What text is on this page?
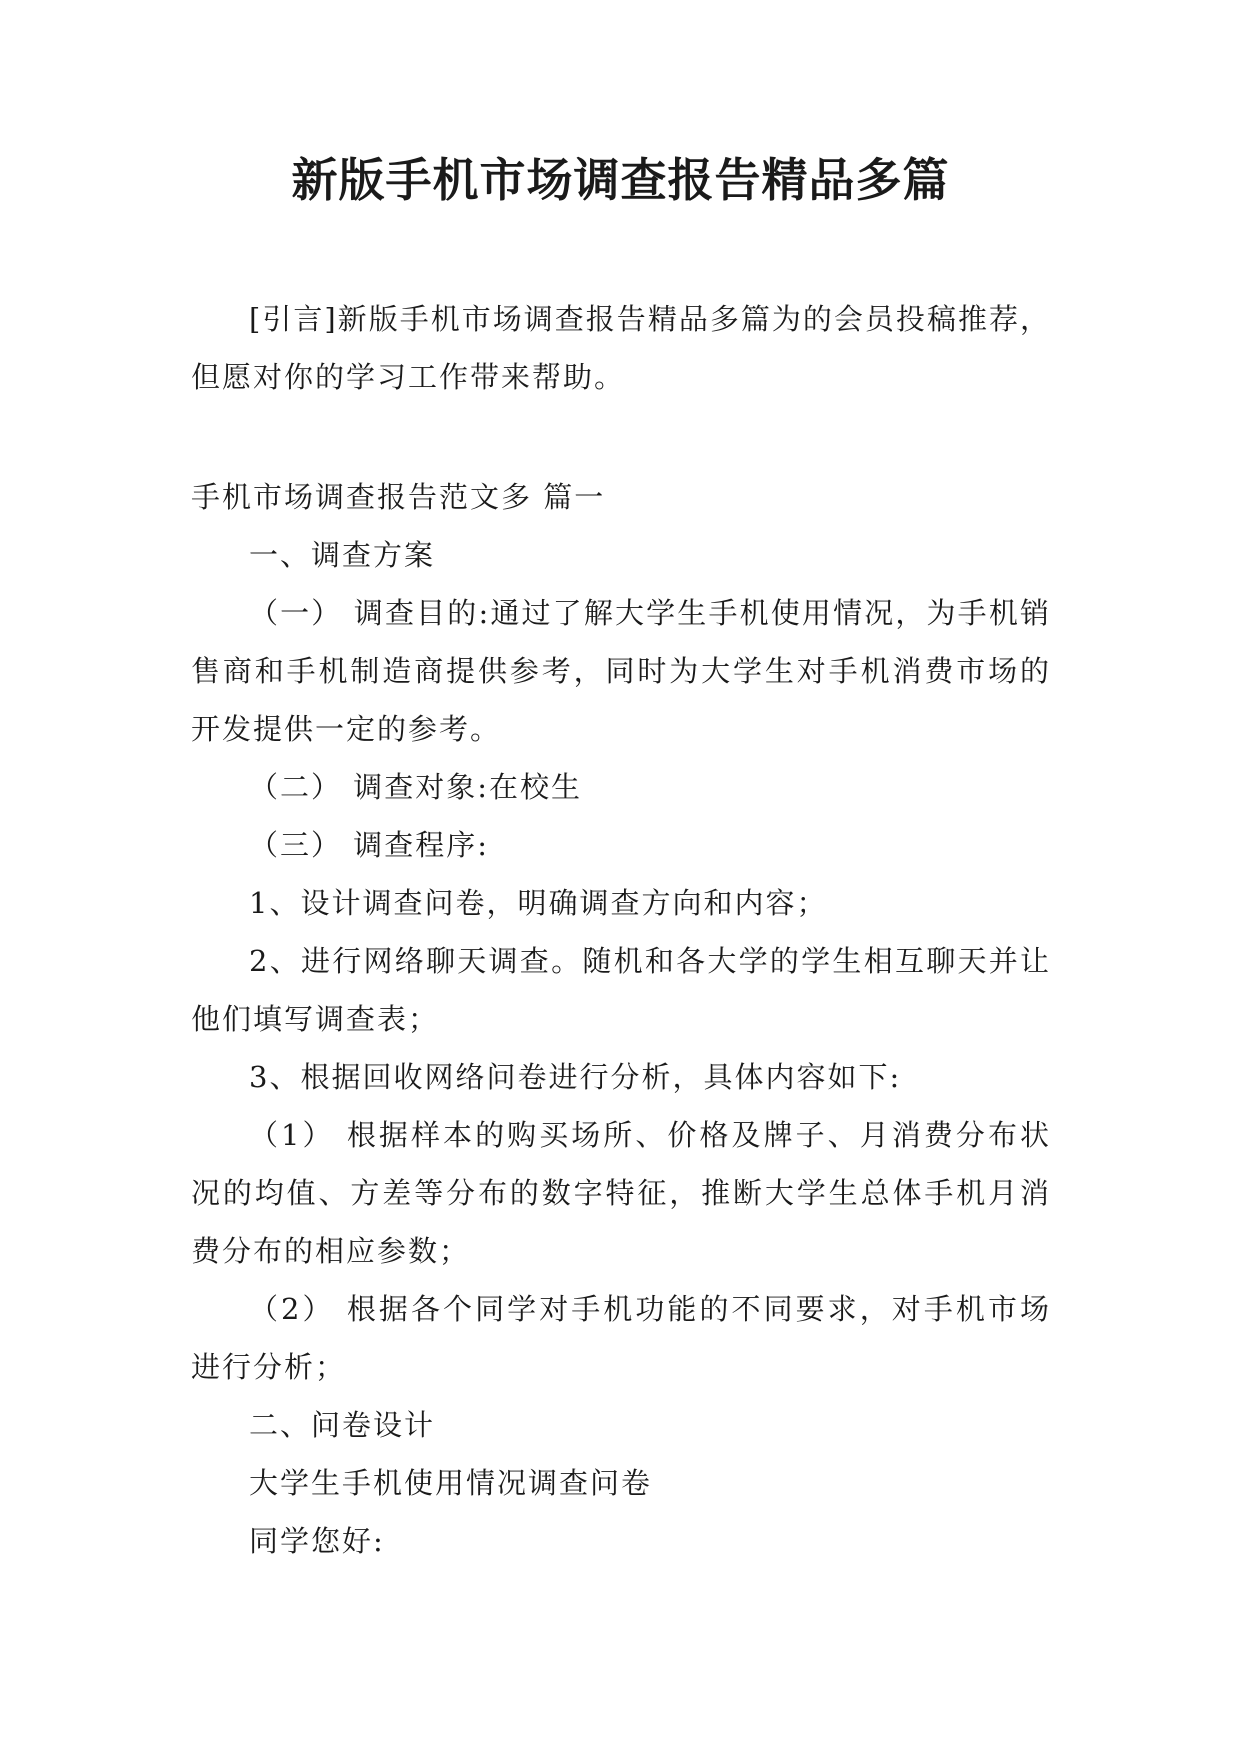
新版手机市场调查报告精品多篇

[引言]新版手机市场调查报告精品多篇为的会员投稿推荐，但愿对你的学习工作带来帮助。

手机市场调查报告范文多 篇一

一、调查方案

（一） 调查目的:通过了解大学生手机使用情况，为手机销售商和手机制造商提供参考，同时为大学生对手机消费市场的开发提供一定的参考。

（二） 调查对象:在校生

（三） 调查程序:

1、设计调查问卷，明确调查方向和内容；

2、进行网络聊天调查。随机和各大学的学生相互聊天并让他们填写调查表；

3、根据回收网络问卷进行分析，具体内容如下:

（1） 根据样本的购买场所、价格及牌子、月消费分布状况的均值、方差等分布的数字特征，推断大学生总体手机月消费分布的相应参数；

（2） 根据各个同学对手机功能的不同要求，对手机市场进行分析；

二、问卷设计

大学生手机使用情况调查问卷

同学您好:
